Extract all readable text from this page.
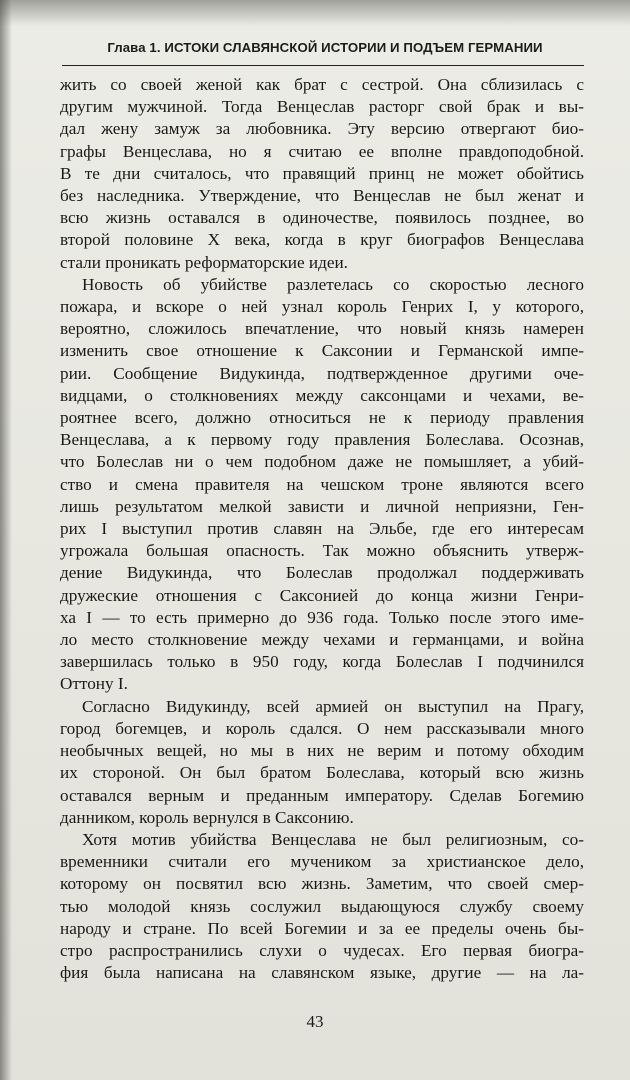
Глава 1. ИСТОКИ СЛАВЯНСКОЙ ИСТОРИИ И ПОДЪЕМ ГЕРМАНИИ
жить со своей женой как брат с сестрой. Она сблизилась с
другим мужчиной. Тогда Венцеслав расторг свой брак и вы-
дал жену замуж за любовника. Эту версию отвергают био-
графы Венцеслава, но я считаю ее вполне правдоподобной.
В те дни считалось, что правящий принц не может обойтись
без наследника. Утверждение, что Венцеслав не был женат и
всю жизнь оставался в одиночестве, появилось позднее, во
второй половине X века, когда в круг биографов Венцеслава
стали проникать реформаторские идеи.
Новость об убийстве разлетелась со скоростью лесного
пожара, и вскоре о ней узнал король Генрих I, у которого,
вероятно, сложилось впечатление, что новый князь намерен
изменить свое отношение к Саксонии и Германской импе-
рии. Сообщение Видукинда, подтвержденное другими оче-
видцами, о столкновениях между саксонцами и чехами, ве-
роятнее всего, должно относиться не к периоду правления
Венцеслава, а к первому году правления Болеслава. Осознав,
что Болеслав ни о чем подобном даже не помышляет, а убий-
ство и смена правителя на чешском троне являются всего
лишь результатом мелкой зависти и личной неприязни, Ген-
рих I выступил против славян на Эльбе, где его интересам
угрожала большая опасность. Так можно объяснить утверж-
дение Видукинда, что Болеслав продолжал поддерживать
дружеские отношения с Саксонией до конца жизни Генри-
ха I — то есть примерно до 936 года. Только после этого име-
ло место столкновение между чехами и германцами, и война
завершилась только в 950 году, когда Болеслав I подчинился
Оттону I.
Согласно Видукинду, всей армией он выступил на Прагу,
город богемцев, и король сдался. О нем рассказывали много
необычных вещей, но мы в них не верим и потому обходим
их стороной. Он был братом Болеслава, который всю жизнь
оставался верным и преданным императору. Сделав Богемию
данником, король вернулся в Саксонию.
Хотя мотив убийства Венцеслава не был религиозным, со-
временники считали его мучеником за христианское дело,
которому он посвятил всю жизнь. Заметим, что своей смер-
тью молодой князь сослужил выдающуюся службу своему
народу и стране. По всей Богемии и за ее пределы очень бы-
стро распространились слухи о чудесах. Его первая биогра-
фия была написана на славянском языке, другие — на ла-
43
